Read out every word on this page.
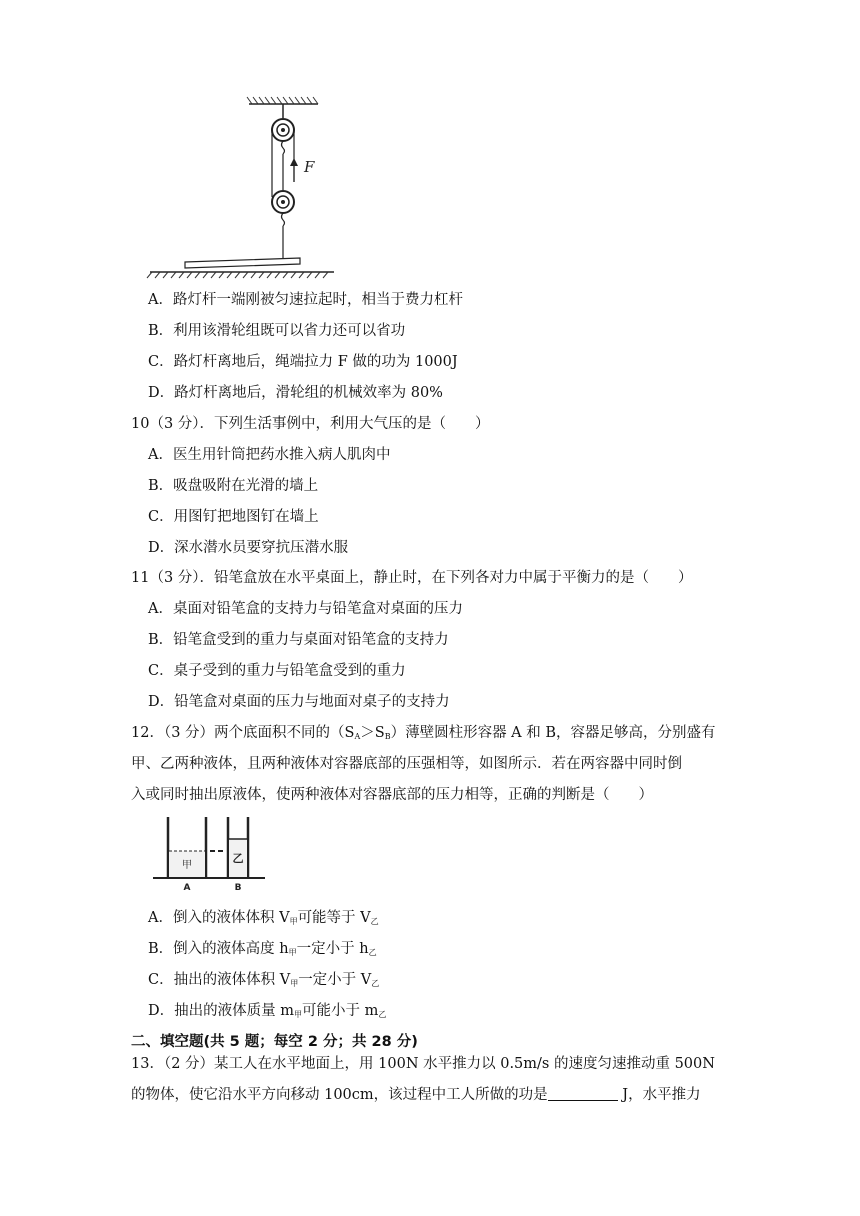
F
A．路灯杆一端刚被匀速拉起时，相当于费力杠杆
B．利用该滑轮组既可以省力还可以省功
C．路灯杆离地后，绳端拉力 F 做的功为 1000J
D．路灯杆离地后，滑轮组的机械效率为 80%
10（3 分）．下列生活事例中，利用大气压的是（　　）
A．医生用针筒把药水推入病人肌肉中
B．吸盘吸附在光滑的墙上
C．用图钉把地图钉在墙上
D．深水潜水员要穿抗压潜水服
11（3 分）．铅笔盒放在水平桌面上，静止时，在下列各对力中属于平衡力的是（　　）
A．桌面对铅笔盒的支持力与铅笔盒对桌面的压力
B．铅笔盒受到的重力与桌面对铅笔盒的支持力
C．桌子受到的重力与铅笔盒受到的重力
D．铅笔盒对桌面的压力与地面对桌子的支持力
12．（3 分）两个底面积不同的$(S_A>S_B)$薄壁圆柱形容器 A 和 B，容器足够高，分别盛有
甲、乙两种液体，且两种液体对容器底部的压强相等，如图所示．若在两容器中同时倒
入或同时抽出原液体，使两种液体对容器底部的压力相等，正确的判断是（　　）
甲
乙
A	B
A．倒入的液体体积 $V_甲$可能等于 $V_乙$
B．倒入的液体高度 $h_甲$一定小于 $h_乙$
C．抽出的液体体积 $V_甲$一定小于 $V_乙$
D．抽出的液体质量 $m_甲$可能小于 $m_乙$
二、填空题(共 5 题；每空 2 分；共 28 分)
13．（2 分）某工人在水平地面上，用 100N 水平推力以 0.5m/s 的速度匀速推动重 500N
的物体，使它沿水平方向移动 100cm，该过程中工人所做的功是	J，水平推力
